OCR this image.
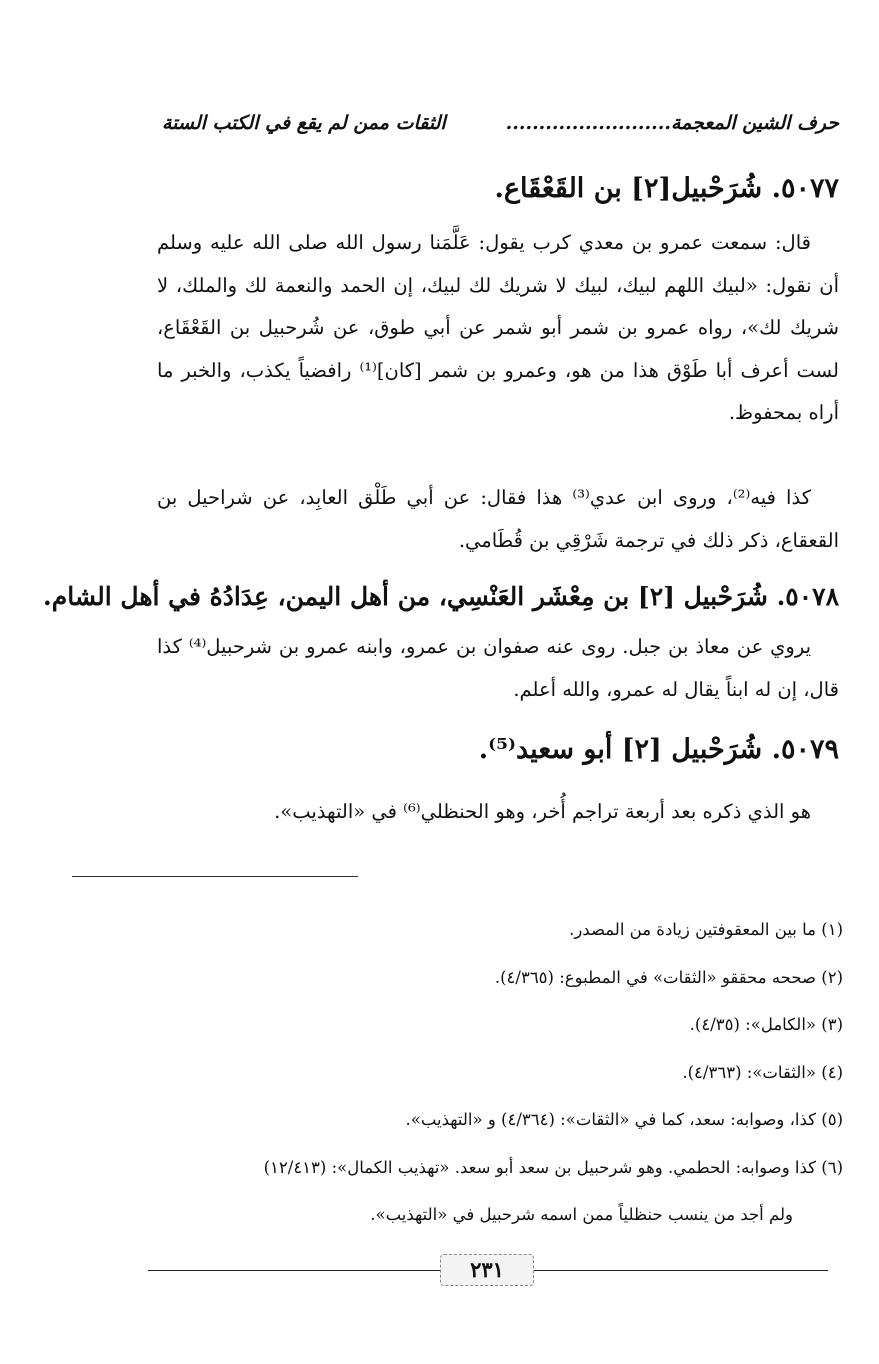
حرف الشين المعجمة.........................
الثقات ممن لم يقع في الكتب الستة
٥٠٧٧. شُرَحْبيل[٢] بن القَعْقَاع.
قال: سمعت عمرو بن معدي كرب يقول: عَلَّمَنا رسول الله صلى الله عليه وسلم أن نقول: «لبيك اللهم لبيك، لبيك لا شريك لك لبيك، إن الحمد والنعمة لك والملك، لا شريك لك»، رواه عمرو بن شمر أبو شمر عن أبي طوق، عن شُرحبيل بن القَعْقَاع، لست أعرف أبا طَوْق هذا من هو، وعمرو بن شمر [كان]⁽¹⁾ رافضياً يكذب، والخبر ما أراه بمحفوظ.
كذا فيه⁽²⁾، وروى ابن عدي⁽³⁾ هذا فقال: عن أبي طَلْق العابِد، عن شراحيل بن القعقاع، ذكر ذلك في ترجمة شَرْقِي بن قُطَامي.
٥٠٧٨. شُرَحْبيل [٢] بن مِعْشَر العَنْسِي، من أهل اليمن، عِدَادُهُ في أهل الشام.
يروي عن معاذ بن جبل. روى عنه صفوان بن عمرو، وابنه عمرو بن شرحبيل⁽⁴⁾ كذا قال، إن له ابناً يقال له عمرو، والله أعلم.
٥٠٧٩. شُرَحْبيل [٢] أبو سعيد⁽⁵⁾.
هو الذي ذكره بعد أربعة تراجم أُخر، وهو الحنظلي⁽⁶⁾ في «التهذيب».
(١) ما بين المعقوفتين زيادة من المصدر.
(٢) صححه محققو «الثقات» في المطبوع: (٤/٣٦٥).
(٣) «الكامل»: (٤/٣٥).
(٤) «الثقات»: (٤/٣٦٣).
(٥) كذا، وصوابه: سعد، كما في «الثقات»: (٤/٣٦٤) و «التهذيب».
(٦) كذا وصوابه: الحطمي. وهو شرحبيل بن سعد أبو سعد. «تهذيب الكمال»: (١٢/٤١٣)
ولم أجد من ينسب حنظلياً ممن اسمه شرحبيل في «التهذيب».
٢٣١
